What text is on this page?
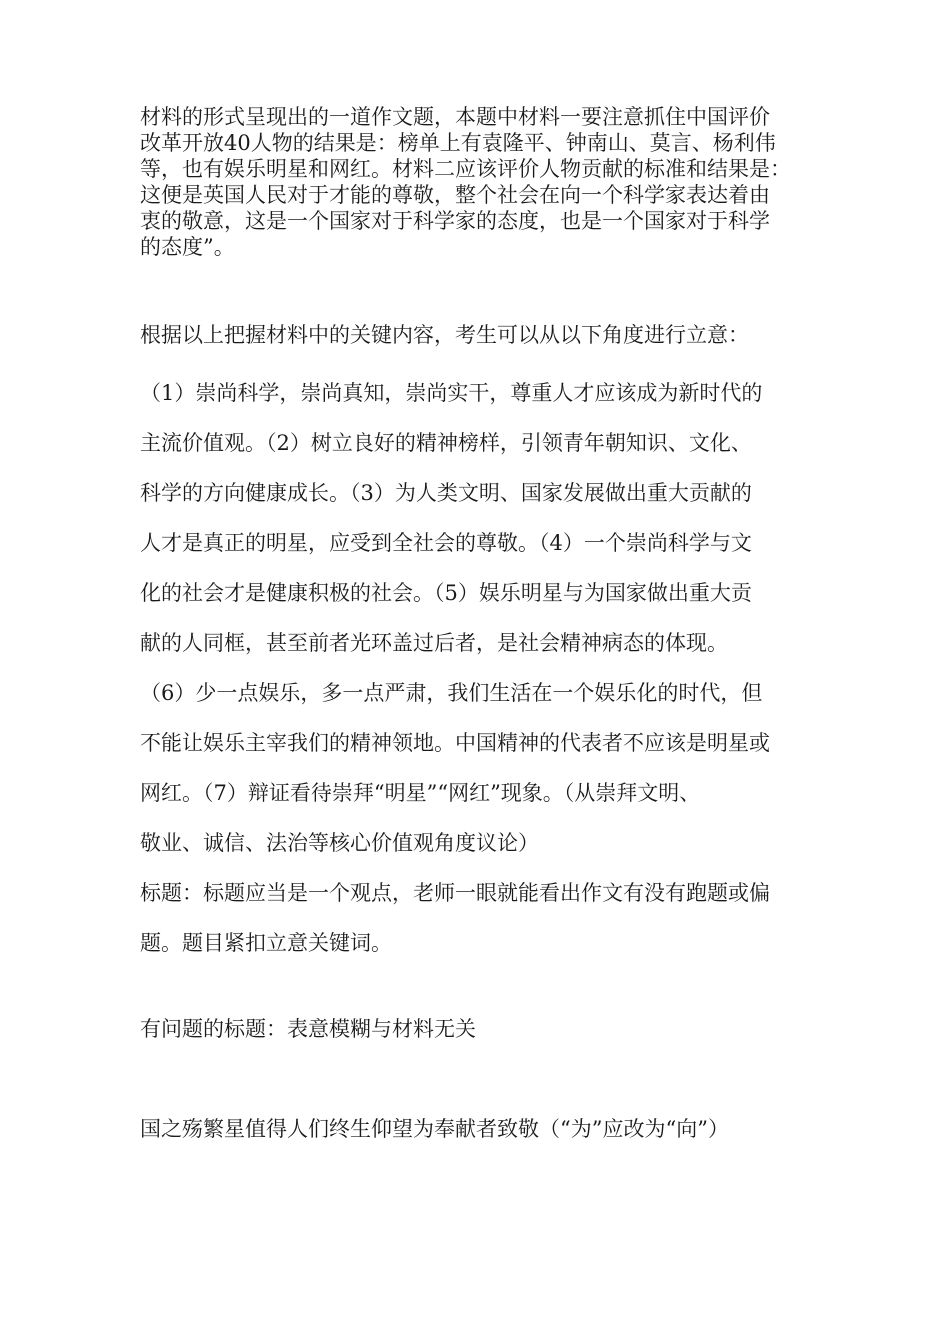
材料的形式呈现出的一道作文题，本题中材料一要注意抓住中国评价
改革开放40人物的结果是：榜单上有袁隆平、钟南山、莫言、杨利伟
等，也有娱乐明星和网红。材料二应该评价人物贡献的标准和结果是：
这便是英国人民对于才能的尊敬，整个社会在向一个科学家表达着由
衷的敬意，这是一个国家对于科学家的态度，也是一个国家对于科学
的态度”。

根据以上把握材料中的关键内容，考生可以从以下角度进行立意：

（1）崇尚科学，崇尚真知，崇尚实干，尊重人才应该成为新时代的
主流价值观。（2）树立良好的精神榜样，引领青年朝知识、文化、
科学的方向健康成长。（3）为人类文明、国家发展做出重大贡献的
人才是真正的明星，应受到全社会的尊敬。（4）一个崇尚科学与文
化的社会才是健康积极的社会。（5）娱乐明星与为国家做出重大贡
献的人同框，甚至前者光环盖过后者，是社会精神病态的体现。
（6）少一点娱乐，多一点严肃，我们生活在一个娱乐化的时代，但
不能让娱乐主宰我们的精神领地。中国精神的代表者不应该是明星或
网红。（7）辩证看待崇拜“明星”“网红”现象。（从崇拜文明、
敬业、诚信、法治等核心价值观角度议论）

标题：标题应当是一个观点，老师一眼就能看出作文有没有跑题或偏
题。题目紧扣立意关键词。

有问题的标题：表意模糊与材料无关

国之殇繁星值得人们终生仰望为奉献者致敬（“为”应改为“向”）
